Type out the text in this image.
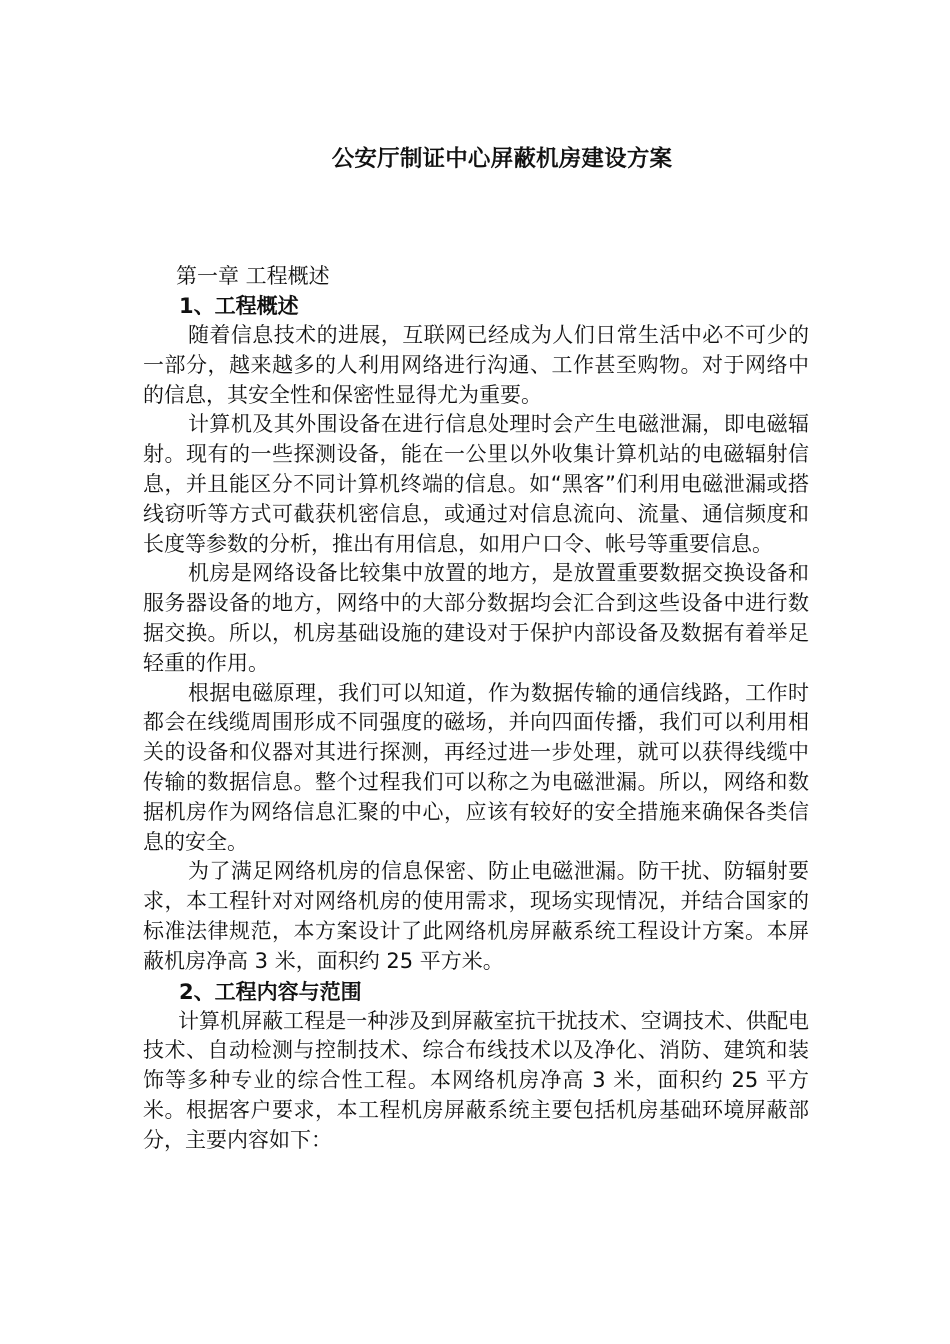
公安厅制证中心屏蔽机房建设方案
第一章 工程概述
1、工程概述

随着信息技术的进展，互联网已经成为人们日常生活中必不可少的一部分，越来越多的人利用网络进行沟通、工作甚至购物。对于网络中的信息，其安全性和保密性显得尤为重要。

计算机及其外围设备在进行信息处理时会产生电磁泄漏，即电磁辐射。现有的一些探测设备，能在一公里以外收集计算机站的电磁辐射信息，并且能区分不同计算机终端的信息。如“黑客”们利用电磁泄漏或搭线窃听等方式可截获机密信息，或通过对信息流向、流量、通信频度和长度等参数的分析，推出有用信息，如用户口令、帐号等重要信息。

机房是网络设备比较集中放置的地方，是放置重要数据交换设备和服务器设备的地方，网络中的大部分数据均会汇合到这些设备中进行数据交换。所以，机房基础设施的建设对于保护内部设备及数据有着举足轻重的作用。

根据电磁原理，我们可以知道，作为数据传输的通信线路，工作时都会在线缆周围形成不同强度的磁场，并向四面传播，我们可以利用相关的设备和仪器对其进行探测，再经过进一步处理，就可以获得线缆中传输的数据信息。整个过程我们可以称之为电磁泄漏。所以，网络和数据机房作为网络信息汇聚的中心，应该有较好的安全措施来确保各类信息的安全。

为了满足网络机房的信息保密、防止电磁泄漏。防干扰、防辐射要求，本工程针对对网络机房的使用需求，现场实现情况，并结合国家的标准法律规范，本方案设计了此网络机房屏蔽系统工程设计方案。本屏蔽机房净高 3 米，面积约 25 平方米。

2、工程内容与范围

计算机屏蔽工程是一种涉及到屏蔽室抗干扰技术、空调技术、供配电技术、自动检测与控制技术、综合布线技术以及净化、消防、建筑和装饰等多种专业的综合性工程。本网络机房净高 3 米，面积约 25 平方米。根据客户要求，本工程机房屏蔽系统主要包括机房基础环境屏蔽部分，主要内容如下：
